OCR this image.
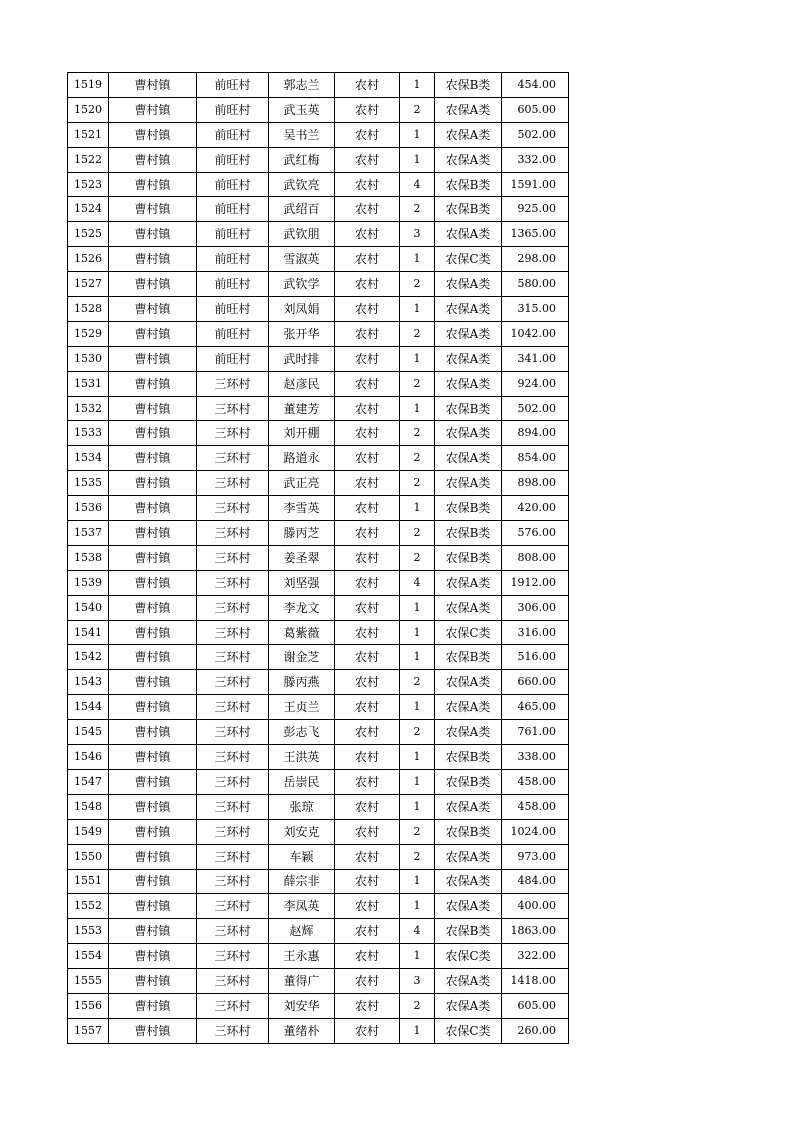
1519	曹村镇	前旺村	郭志兰	农村	1	农保B类	454.00
1520	曹村镇	前旺村	武玉英	农村	2	农保A类	605.00
1521	曹村镇	前旺村	吴书兰	农村	1	农保A类	502.00
1522	曹村镇	前旺村	武红梅	农村	1	农保A类	332.00
1523	曹村镇	前旺村	武钦亮	农村	4	农保B类	1591.00
1524	曹村镇	前旺村	武绍百	农村	2	农保B类	925.00
1525	曹村镇	前旺村	武钦朋	农村	3	农保A类	1365.00
1526	曹村镇	前旺村	雪淑英	农村	1	农保C类	298.00
1527	曹村镇	前旺村	武钦学	农村	2	农保A类	580.00
1528	曹村镇	前旺村	刘凤娟	农村	1	农保A类	315.00
1529	曹村镇	前旺村	张开华	农村	2	农保A类	1042.00
1530	曹村镇	前旺村	武时排	农村	1	农保A类	341.00
1531	曹村镇	三环村	赵彦民	农村	2	农保A类	924.00
1532	曹村镇	三环村	董建芳	农村	1	农保B类	502.00
1533	曹村镇	三环村	刘开棚	农村	2	农保A类	894.00
1534	曹村镇	三环村	路道永	农村	2	农保A类	854.00
1535	曹村镇	三环村	武正亮	农村	2	农保A类	898.00
1536	曹村镇	三环村	李雪英	农村	1	农保B类	420.00
1537	曹村镇	三环村	滕丙芝	农村	2	农保B类	576.00
1538	曹村镇	三环村	姜圣翠	农村	2	农保B类	808.00
1539	曹村镇	三环村	刘坚强	农村	4	农保A类	1912.00
1540	曹村镇	三环村	李龙文	农村	1	农保A类	306.00
1541	曹村镇	三环村	葛紫薇	农村	1	农保C类	316.00
1542	曹村镇	三环村	谢金芝	农村	1	农保B类	516.00
1543	曹村镇	三环村	滕丙燕	农村	2	农保A类	660.00
1544	曹村镇	三环村	王贞兰	农村	1	农保A类	465.00
1545	曹村镇	三环村	彭志飞	农村	2	农保A类	761.00
1546	曹村镇	三环村	王洪英	农村	1	农保B类	338.00
1547	曹村镇	三环村	岳崇民	农村	1	农保B类	458.00
1548	曹村镇	三环村	张琼	农村	1	农保A类	458.00
1549	曹村镇	三环村	刘安克	农村	2	农保B类	1024.00
1550	曹村镇	三环村	车颖	农村	2	农保A类	973.00
1551	曹村镇	三环村	薛宗非	农村	1	农保A类	484.00
1552	曹村镇	三环村	李凤英	农村	1	农保A类	400.00
1553	曹村镇	三环村	赵辉	农村	4	农保B类	1863.00
1554	曹村镇	三环村	王永惠	农村	1	农保C类	322.00
1555	曹村镇	三环村	董得广	农村	3	农保A类	1418.00
1556	曹村镇	三环村	刘安华	农村	2	农保A类	605.00
1557	曹村镇	三环村	董绪朴	农村	1	农保C类	260.00
